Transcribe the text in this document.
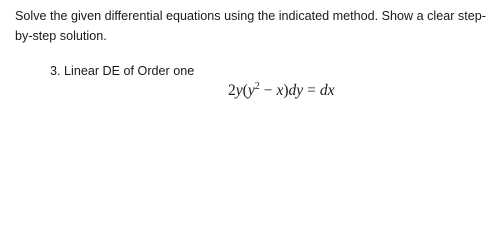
Solve the given differential equations using the indicated method. Show a clear step-by-step solution.

3. Linear DE of Order one

$2y(y^2 - x)dy$ = dx
